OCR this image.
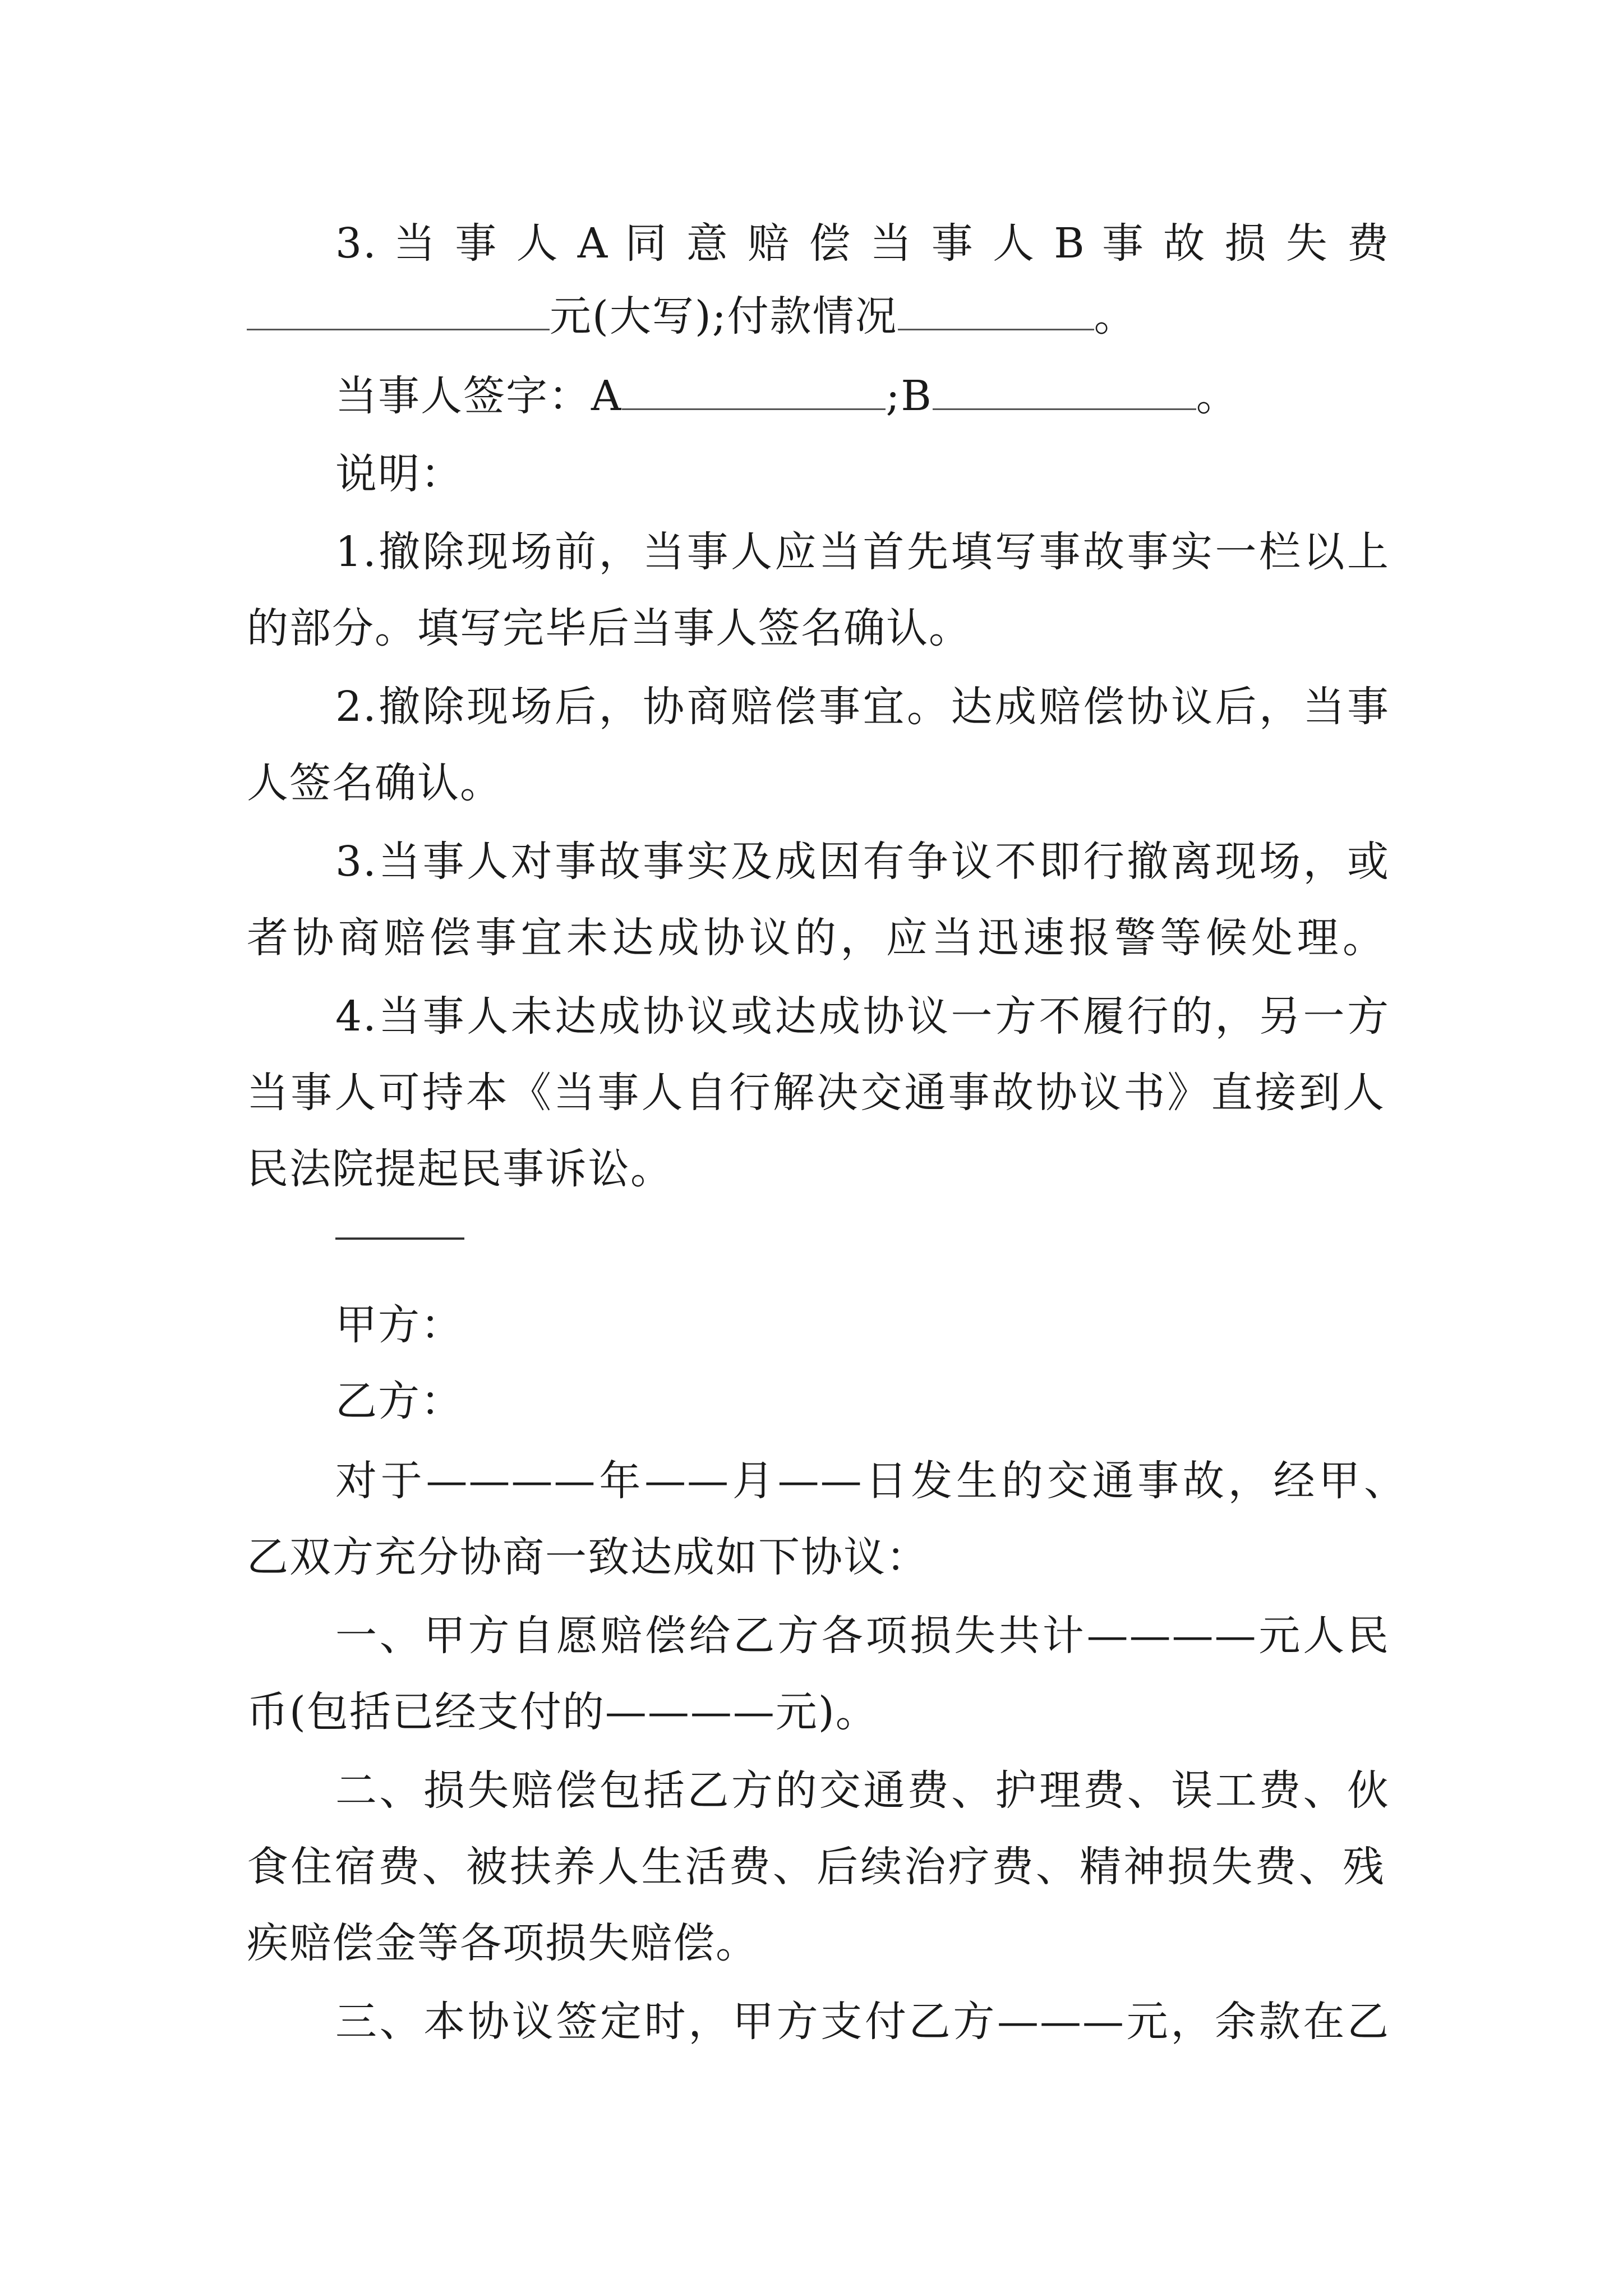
3. 当 事 人 A 同 意 赔 偿 当 事 人 B 事 故 损 失 费
元(大写);付款情况	。
当事人签字：A	;B	。
说明：
1.撤除现场前，当事人应当首先填写事故事实一栏以上
的部分。填写完毕后当事人签名确认。
2.撤除现场后，协商赔偿事宜。达成赔偿协议后，当事
人签名确认。
3.当事人对事故事实及成因有争议不即行撤离现场，或
者协商赔偿事宜未达成协议的，应当迅速报警等候处理。
4.当事人未达成协议或达成协议一方不履行的，另一方
当事人可持本《当事人自行解决交通事故协议书》直接到人
民法院提起民事诉讼。
甲方：
乙方：
对于————年——月——日发生的交通事故，经甲、
乙双方充分协商一致达成如下协议：
一、甲方自愿赔偿给乙方各项损失共计————元人民
币(包括已经支付的————元)。
二、损失赔偿包括乙方的交通费、护理费、误工费、伙
食住宿费、被扶养人生活费、后续治疗费、精神损失费、残
疾赔偿金等各项损失赔偿。
三、本协议签定时，甲方支付乙方———元，余款在乙
